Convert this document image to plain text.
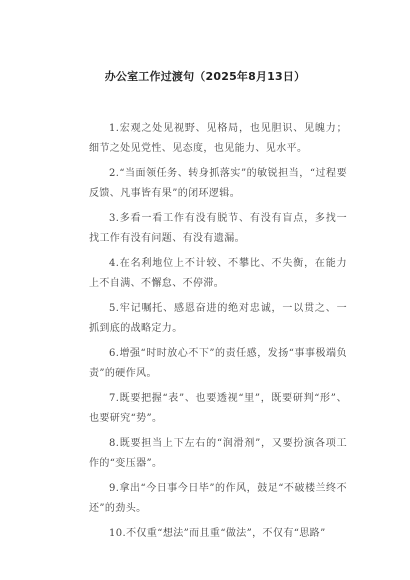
办公室工作过渡句（2025年8月13日）

1.宏观之处见视野、见格局，也见胆识、见魄力；细节之处见党性、见态度，也见能力、见水平。

2.“当面领任务、转身抓落实”的敏锐担当，“过程要反馈、凡事皆有果”的闭环逻辑。

3.多看一看工作有没有脱节、有没有盲点，多找一找工作有没有问题、有没有遗漏。

4.在名利地位上不计较、不攀比、不失衡，在能力上不自满、不懈怠、不停滞。

5.牢记嘱托、感恩奋进的绝对忠诚，一以贯之、一抓到底的战略定力。

6.增强“时时放心不下”的责任感，发扬“事事极端负责”的硬作风。

7.既要把握“表”、也要透视“里”，既要研判“形”、也要研究“势”。

8.既要担当上下左右的“润滑剂”，又要扮演各项工作的“变压器”。

9.拿出“今日事今日毕”的作风，鼓足“不破楼兰终不还”的劲头。

10.不仅重“想法”而且重“做法”，不仅有“思路”
